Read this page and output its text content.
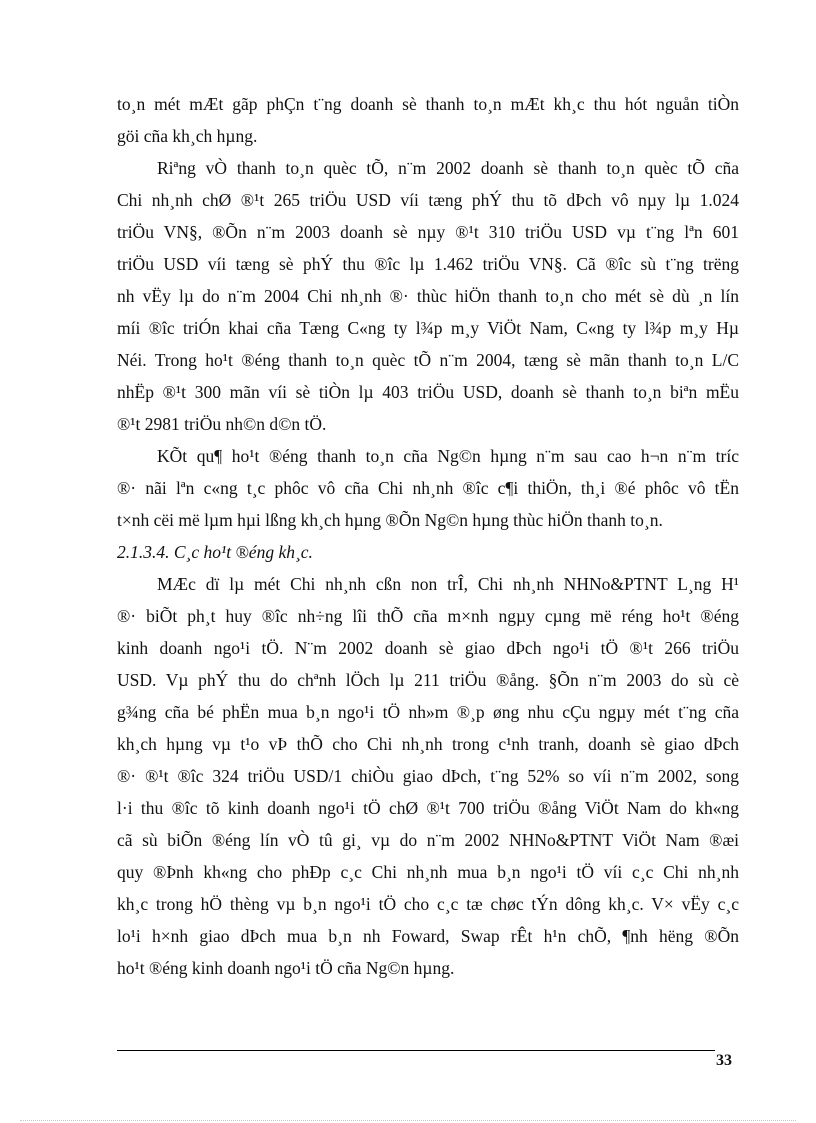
to¸n mét mÆt gãp phÇn t¨ng doanh sè thanh to¸n mÆt kh¸c thu hót nguån tiÒn
göi cña kh¸ch hµng.
Riªng vÒ thanh to¸n quèc tÕ, n¨m 2002 doanh sè thanh to¸n quèc tÕ cña
Chi nh¸nh chØ ®¹t 265 triÖu USD víi tæng phÝ thu tõ dÞch vô nµy lµ 1.024
triÖu VN§, ®Õn n¨m 2003 doanh sè nµy ®¹t 310 triÖu USD vµ t¨ng lªn 601
triÖu USD víi tæng sè phÝ thu ®îc lµ 1.462 triÖu VN§. Cã ®îc sù t¨ng trëng
nh vËy lµ do n¨m 2004 Chi nh¸nh ®· thùc hiÖn thanh to¸n cho mét sè dù ¸n lín
míi ®îc triÓn khai cña Tæng C«ng ty l¾p m¸y ViÖt Nam, C«ng ty l¾p m¸y Hµ
Néi. Trong ho¹t ®éng thanh to¸n quèc tÕ n¨m 2004, tæng sè mãn thanh to¸n L/C
nhËp ®¹t 300 mãn víi sè tiÒn lµ 403 triÖu USD, doanh sè thanh to¸n biªn mËu
®¹t 2981 triÖu nh©n d©n tÖ.
KÕt qu¶ ho¹t ®éng thanh to¸n cña Ng©n hµng n¨m sau cao h¬n n¨m tríc
®· nãi lªn c«ng t¸c phôc vô cña Chi nh¸nh ®îc c¶i thiÖn, th¸i ®é phôc vô tËn
t×nh cëi më lµm hµi lßng kh¸ch hµng ®Õn Ng©n hµng thùc hiÖn thanh to¸n.
2.1.3.4. C¸c ho¹t ®éng kh¸c.
MÆc dï lµ mét Chi nh¸nh cßn non trÎ, Chi nh¸nh NHNo&PTNT L¸ng H¹
®· biÕt ph¸t huy ®îc nh÷ng lîi thÕ cña m×nh ngµy cµng më réng ho¹t ®éng
kinh doanh ngo¹i tÖ. N¨m 2002 doanh sè giao dÞch ngo¹i tÖ ®¹t 266 triÖu
USD. Vµ phÝ thu do chªnh lÖch lµ 211 triÖu ®ång. §Õn n¨m 2003 do sù cè
g¾ng cña bé phËn mua b¸n ngo¹i tÖ nh»m ®¸p øng nhu cÇu ngµy mét t¨ng cña
kh¸ch hµng vµ t¹o vÞ thÕ cho Chi nh¸nh trong c¹nh tranh, doanh sè giao dÞch
®· ®¹t ®îc 324 triÖu USD/1 chiÒu giao dÞch, t¨ng 52% so víi n¨m 2002, song
l·i thu ®îc tõ kinh doanh ngo¹i tÖ chØ ®¹t 700 triÖu ®ång ViÖt Nam do kh«ng
cã sù biÕn ®éng lín vÒ tû gi¸ vµ do n¨m 2002 NHNo&PTNT ViÖt Nam ®æi
quy ®Þnh kh«ng cho phÐp c¸c Chi nh¸nh mua b¸n ngo¹i tÖ víi c¸c Chi nh¸nh
kh¸c trong hÖ thèng vµ b¸n ngo¹i tÖ cho c¸c tæ chøc tÝn dông kh¸c. V× vËy c¸c
lo¹i h×nh giao dÞch mua b¸n nh Foward, Swap rÊt h¹n chÕ, ¶nh hëng ®Õn
ho¹t ®éng kinh doanh ngo¹i tÖ cña Ng©n hµng.
33
